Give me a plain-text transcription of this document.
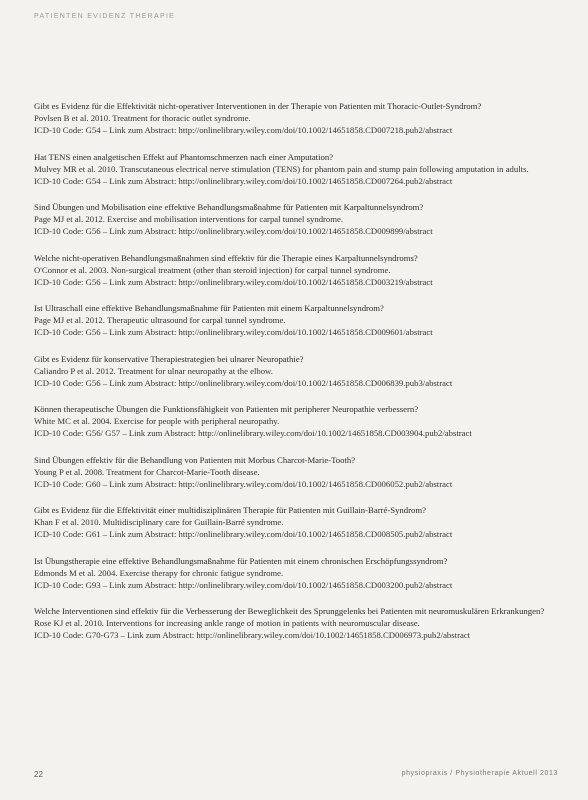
PATIENTEN EVIDENZ THERAPIE

Gibt es Evidenz für die Effektivität nicht-operativer Interventionen in der Therapie von Patienten mit Thoracic-Outlet-Syndrom?

Povlsen B et al. 2010. Treatment for thoracic outlet syndrome.

ICD-10 Code: G54 – Link zum Abstract: http://onlinelibrary.wiley.com/doi/10.1002/14651858.CD007218.pub2/abstract

Hat TENS einen analgetischen Effekt auf Phantomschmerzen nach einer Amputation?

Mulvey MR et al. 2010. Transcutaneous electrical nerve stimulation (TENS) for phantom pain and stump pain following amputation in adults.

ICD-10 Code: G54 – Link zum Abstract: http://onlinelibrary.wiley.com/doi/10.1002/14651858.CD007264.pub2/abstract

Sind Übungen und Mobilisation eine effektive Behandlungsmaßnahme für Patienten mit Karpaltunnelsyndrom?

Page MJ et al. 2012. Exercise and mobilisation interventions for carpal tunnel syndrome.

ICD-10 Code: G56 – Link zum Abstract: http://onlinelibrary.wiley.com/doi/10.1002/14651858.CD009899/abstract

Welche nicht-operativen Behandlungsmaßnahmen sind effektiv für die Therapie eines Karpaltunnelsyndroms?

O'Connor et al. 2003. Non-surgical treatment (other than steroid injection) for carpal tunnel syndrome.

ICD-10 Code: G56 – Link zum Abstract: http://onlinelibrary.wiley.com/doi/10.1002/14651858.CD003219/abstract

Ist Ultraschall eine effektive Behandlungsmaßnahme für Patienten mit einem Karpaltunnelsyndrom?

Page MJ et al. 2012. Therapeutic ultrasound for carpal tunnel syndrome.

ICD-10 Code: G56 – Link zum Abstract: http://onlinelibrary.wiley.com/doi/10.1002/14651858.CD009601/abstract

Gibt es Evidenz für konservative Therapiestrategien bei ulnarer Neuropathie?

Caliandro P et al. 2012. Treatment for ulnar neuropathy at the elbow.

ICD-10 Code: G56 – Link zum Abstract: http://onlinelibrary.wiley.com/doi/10.1002/14651858.CD006839.pub3/abstract

Können therapeutische Übungen die Funktionsfähigkeit von Patienten mit peripherer Neuropathie verbessern?

White MC et al. 2004. Exercise for people with peripheral neuropathy.

ICD-10 Code: G56/ G57 – Link zum Abstract: http://onlinelibrary.wiley.com/doi/10.1002/14651858.CD003904.pub2/abstract

Sind Übungen effektiv für die Behandlung von Patienten mit Morbus Charcot-Marie-Tooth?

Young P et al. 2008. Treatment for Charcot-Marie-Tooth disease.

ICD-10 Code: G60 – Link zum Abstract: http://onlinelibrary.wiley.com/doi/10.1002/14651858.CD006052.pub2/abstract

Gibt es Evidenz für die Effektivität einer multidisziplinären Therapie für Patienten mit Guillain-Barré-Syndrom?

Khan F et al. 2010. Multidisciplinary care for Guillain-Barré syndrome.

ICD-10 Code: G61 – Link zum Abstract: http://onlinelibrary.wiley.com/doi/10.1002/14651858.CD008505.pub2/abstract

Ist Übungstherapie eine effektive Behandlungsmaßnahme für Patienten mit einem chronischen Erschöpfungssyndrom?

Edmonds M et al. 2004. Exercise therapy for chronic fatigue syndrome.

ICD-10 Code: G93 – Link zum Abstract: http://onlinelibrary.wiley.com/doi/10.1002/14651858.CD003200.pub2/abstract

Welche Interventionen sind effektiv für die Verbesserung der Beweglichkeit des Sprunggelenks bei Patienten mit neuromuskulären Erkrankungen?

Rose KJ et al. 2010. Interventions for increasing ankle range of motion in patients with neuromuscular disease.

ICD-10 Code: G70-G73 – Link zum Abstract: http://onlinelibrary.wiley.com/doi/10.1002/14651858.CD006973.pub2/abstract

22	physiopraxis / Physiotherapie Aktuell 2013
